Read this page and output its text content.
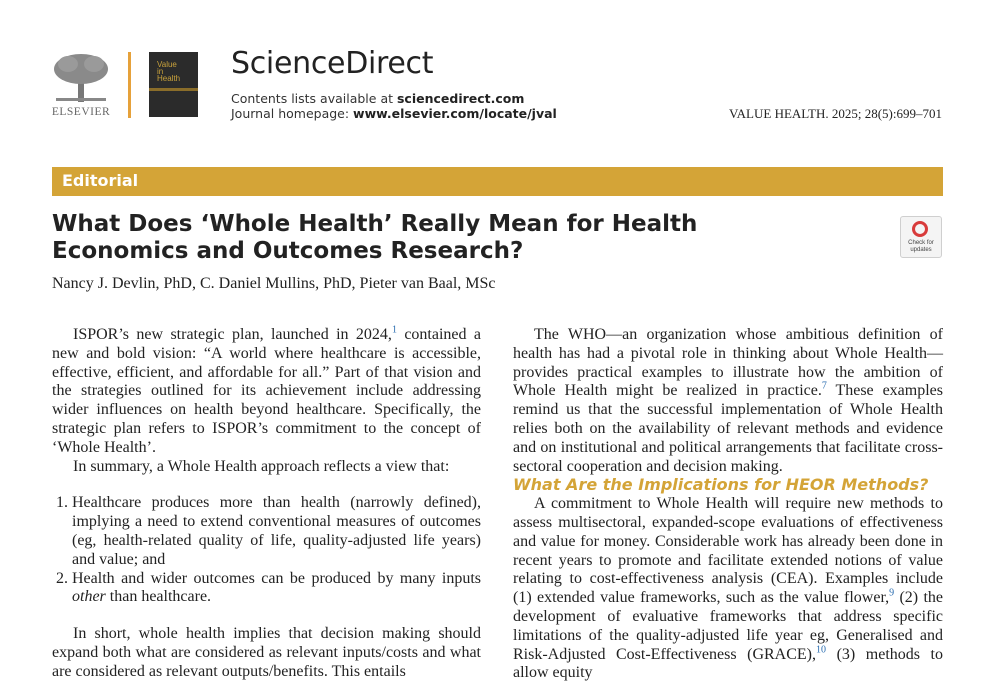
ELSEVIER
Value
in
Health ScienceDirect
Contents lists available at sciencedirect.com
Journal homepage: www.elsevier.com/locate/jval	VALUE HEALTH. 2025; 28(5):699–701
Editorial
What Does ‘Whole Health’ Really Mean for Health Economics and Outcomes Research?	Check for updates
Nancy J. Devlin, PhD, C. Daniel Mullins, PhD, Pieter van Baal, MSc

ISPOR’s new strategic plan, launched in 2024,$^1$ contained a new and bold vision: “A world where healthcare is accessible, effective, efficient, and affordable for all.” Part of that vision and the strategies outlined for its achievement include addressing wider influences on health beyond healthcare. Specifically, the strategic plan refers to ISPOR’s commitment to the concept of ‘Whole Health’.

In summary, a Whole Health approach reflects a view that:

1. Healthcare produces more than health (narrowly defined), implying a need to extend conventional measures of outcomes (eg, health-related quality of life, quality-adjusted life years) and value; and
2. Health and wider outcomes can be produced by many inputs other than healthcare.

In short, whole health implies that decision making should expand both what are considered as relevant inputs/costs and what are considered as relevant outputs/benefits. This entails

The WHO—an organization whose ambitious definition of health has had a pivotal role in thinking about Whole Health—provides practical examples to illustrate how the ambition of Whole Health might be realized in practice.$^7$ These examples remind us that the successful implementation of Whole Health relies both on the availability of relevant methods and evidence and on institutional and political arrangements that facilitate cross-sectoral cooperation and decision making.

What Are the Implications for HEOR Methods?

A commitment to Whole Health will require new methods to assess multisectoral, expanded-scope evaluations of effectiveness and value for money. Considerable work has already been done in recent years to promote and facilitate extended notions of value relating to cost-effectiveness analysis (CEA). Examples include (1) extended value frameworks, such as the value flower,$^9$ (2) the development of evaluative frameworks that address specific limitations of the quality-adjusted life year eg, Generalised and Risk-Adjusted Cost-Effectiveness (GRACE),$^{10}$ (3) methods to allow equity
